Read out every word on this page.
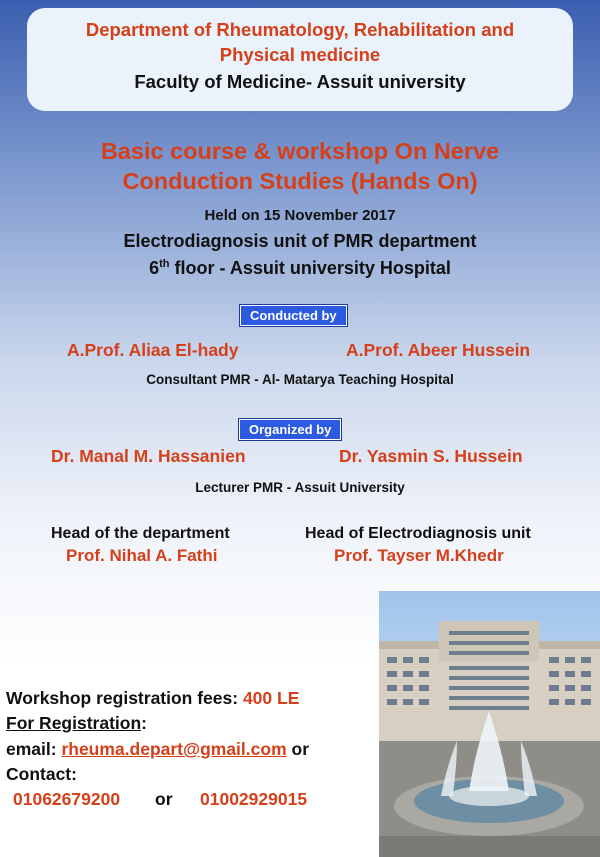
Department of Rheumatology, Rehabilitation and
Physical medicine
Faculty of Medicine- Assuit university
Basic course & workshop On Nerve
Conduction Studies (Hands On)
Held on 15 November 2017
Electrodiagnosis unit of PMR department
6th floor - Assuit university Hospital
Conducted by
A.Prof. Aliaa El-hady	A.Prof. Abeer Hussein
Consultant PMR - Al- Matarya Teaching Hospital
Organized by
Dr. Manal M. Hassanien	Dr. Yasmin S. Hussein
Lecturer PMR - Assuit University
Head of the department
Prof. Nihal A. Fathi
Head of Electrodiagnosis unit
Prof. Tayser M.Khedr
Workshop registration fees: 400 LE
For Registration:
email: rheuma.depart@gmail.com or
Contact:
01062679200 or 01002929015
